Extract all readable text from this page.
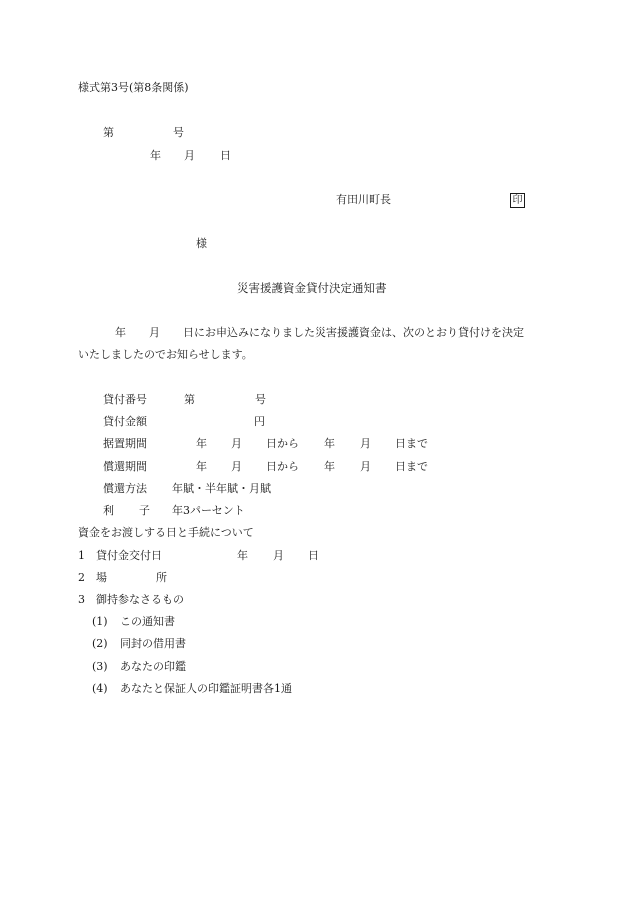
様式第3号(第8条関係)
第	号
年 月 日
有田川町長	印
様
災害援護資金貸付決定通知書
年 月 日にお申込みになりました災害援護資金は、次のとおり貸付けを決定
いたしましたのでお知らせします。
貸付番号	第	号
貸付金額	円
据置期間	年 月 日から 年 月 日まで
償還期間	年 月 日から 年 月 日まで
償還方法 年賦・半年賦・月賦
利 子 年3パーセント
資金をお渡しする日と手続について
1 貸付金交付日	年 月 日
2 場	所
3 御持参なさるもの
(1) この通知書
(2) 同封の借用書
(3) あなたの印鑑
(4) あなたと保証人の印鑑証明書各1通
